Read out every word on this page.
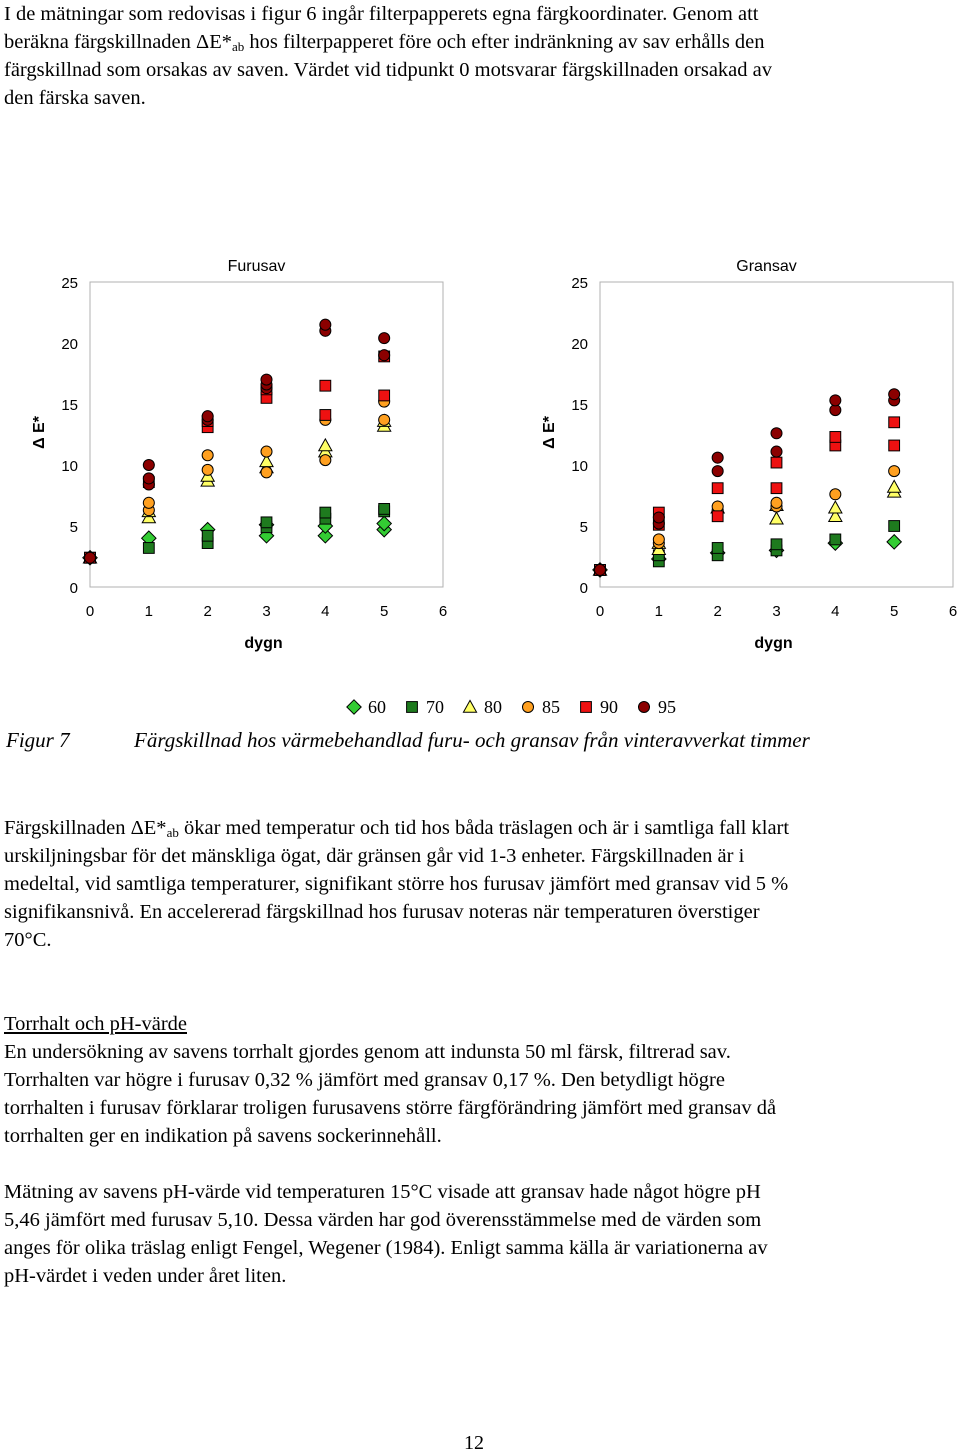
I de mätningar som redovisas i figur 6 ingår filterpapperets egna färgkoordinater. Genom att
beräkna färgskillnaden $\Delta E*_{ab}$ hos filterpapperet före och efter indränkning av sav erhålls den
färgskillnad som orsakas av saven. Värdet vid tidpunkt 0 motsvarar färgskillnaden orsakad av
den färska saven.
Furusav
0
5
10
15
20
25
0	1	2	3	4	5	6
dygn
Δ E*
Gransav
0
5
10
15
20
25
0	1	2	3	4	5	6
dygn
Δ E*
60 70 80 85 90 95
Figur 7	Färgskillnad hos värmebehandlad furu- och gransav från vinteravverkat timmer
Färgskillnaden $\Delta E*_{ab}$ ökar med temperatur och tid hos båda träslagen och är i samtliga fall klart
urskiljningsbar för det mänskliga ögat, där gränsen går vid 1-3 enheter. Färgskillnaden är i
medeltal, vid samtliga temperaturer, signifikant större hos furusav jämfört med gransav vid 5 %
signifikansnivå. En accelererad färgskillnad hos furusav noteras när temperaturen överstiger
70°C.
Torrhalt och pH-värde
En undersökning av savens torrhalt gjordes genom att indunsta 50 ml färsk, filtrerad sav.
Torrhalten var högre i furusav 0,32 % jämfört med gransav 0,17 %. Den betydligt högre
torrhalten i furusav förklarar troligen furusavens större färgförändring jämfört med gransav då
torrhalten ger en indikation på savens sockerinnehåll.
Mätning av savens pH-värde vid temperaturen 15°C visade att gransav hade något högre pH
5,46 jämfört med furusav 5,10. Dessa värden har god överensstämmelse med de värden som
anges för olika träslag enligt Fengel, Wegener (1984). Enligt samma källa är variationerna av
pH-värdet i veden under året liten.
12
